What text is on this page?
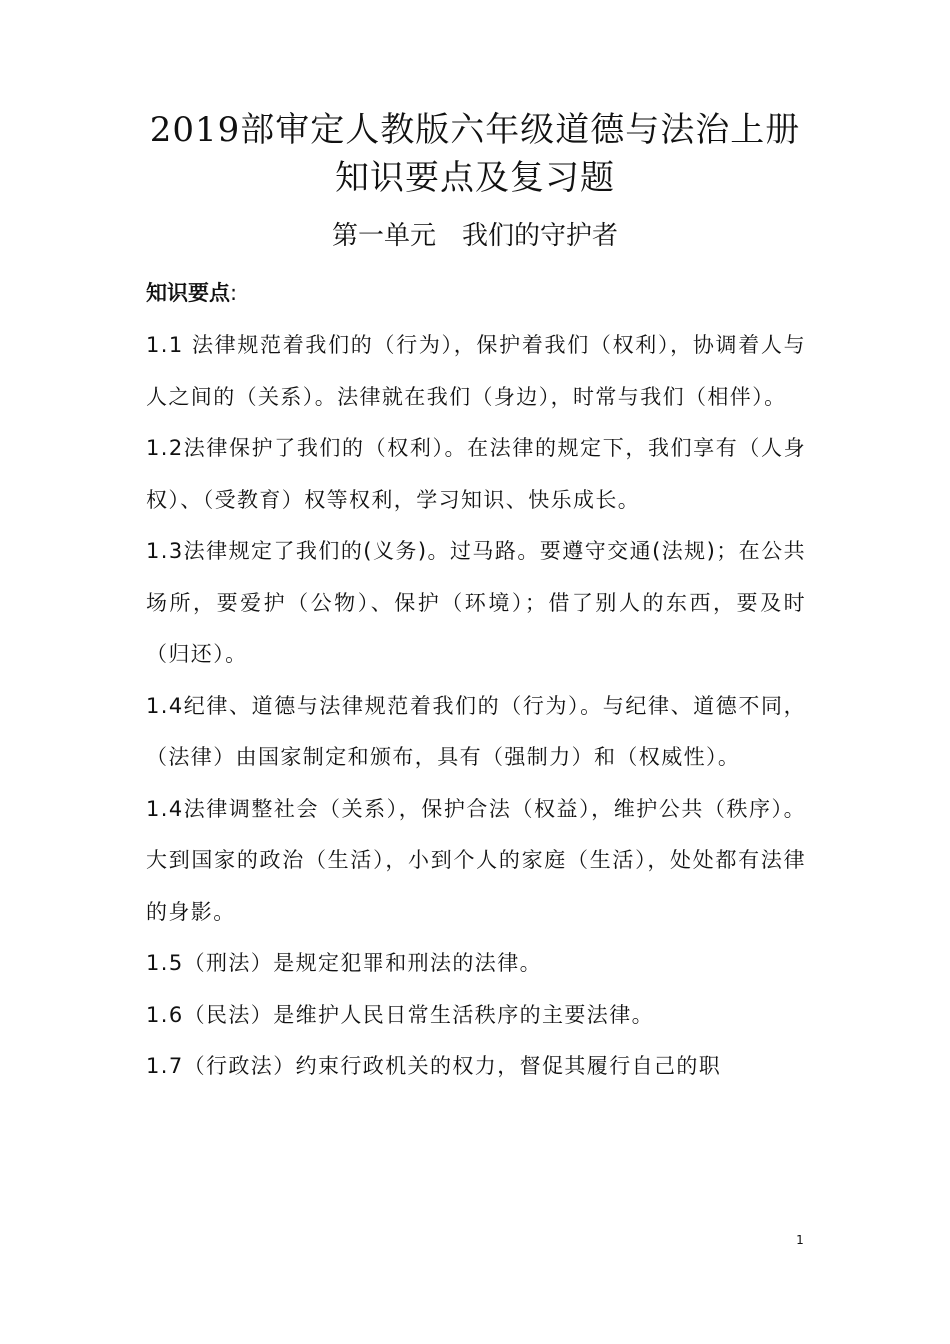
2019部审定人教版六年级道德与法治上册
知识要点及复习题
第一单元　我们的守护者
知识要点:

1.1 法律规范着我们的（行为），保护着我们（权利），协调着人与人之间的（关系）。法律就在我们（身边），时常与我们（相伴）。

1.2法律保护了我们的（权利）。在法律的规定下，我们享有（人身权）、（受教育）权等权利，学习知识、快乐成长。

1.3法律规定了我们的(义务)。过马路。要遵守交通(法规)；在公共场所，要爱护（公物）、保护（环境）；借了别人的东西，要及时（归还）。

1.4纪律、道德与法律规范着我们的（行为）。与纪律、道德不同，（法律）由国家制定和颁布，具有（强制力）和（权威性）。

1.4法律调整社会（关系），保护合法（权益），维护公共（秩序）。大到国家的政治（生活），小到个人的家庭（生活），处处都有法律的身影。

1.5（刑法）是规定犯罪和刑法的法律。

1.6（民法）是维护人民日常生活秩序的主要法律。

1.7（行政法）约束行政机关的权力，督促其履行自己的职

1
